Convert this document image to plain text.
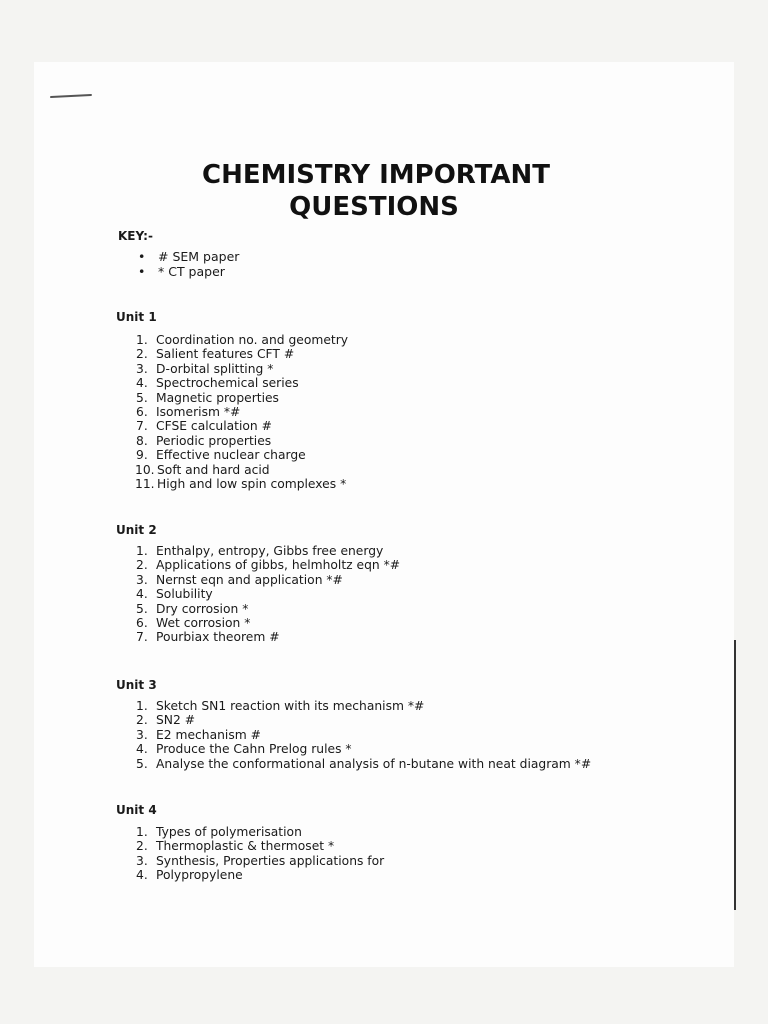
CHEMISTRY IMPORTANT
QUESTIONS
KEY:-
• # SEM paper
• * CT paper
Unit 1
1. Coordination no. and geometry
2. Salient features CFT #
3. D-orbital splitting *
4. Spectrochemical series
5. Magnetic properties
6. Isomerism *#
7. CFSE calculation #
8. Periodic properties
9. Effective nuclear charge
10. Soft and hard acid
11. High and low spin complexes *
Unit 2
1. Enthalpy, entropy, Gibbs free energy
2. Applications of gibbs, helmholtz eqn *#
3. Nernst eqn and application *#
4. Solubility
5. Dry corrosion *
6. Wet corrosion *
7. Pourbiax theorem #
Unit 3
1. Sketch SN1 reaction with its mechanism *#
2. SN2 #
3. E2 mechanism #
4. Produce the Cahn Prelog rules *
5. Analyse the conformational analysis of n-butane with neat diagram *#
Unit 4
1. Types of polymerisation
2. Thermoplastic & thermoset *
3. Synthesis, Properties applications for
4. Polypropylene
